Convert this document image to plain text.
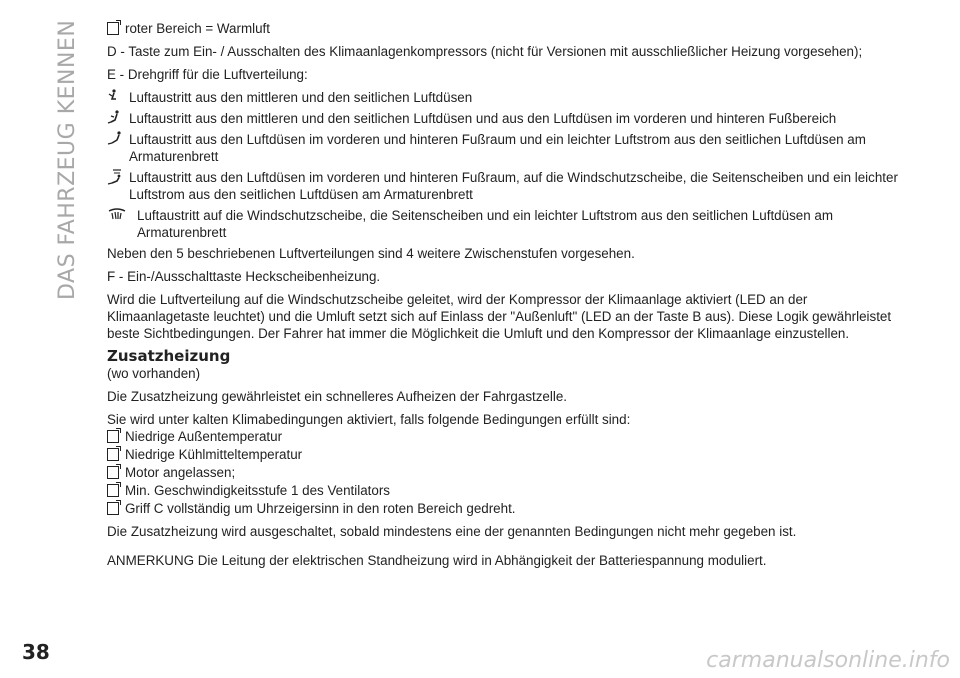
DAS FAHRZEUG KENNEN
38	carmanualsonline.info
roter Bereich = Warmluft

D - Taste zum Ein- / Ausschalten des Klimaanlagenkompressors (nicht für Versionen mit ausschließlicher Heizung vorgesehen);

E - Drehgriff für die Luftverteilung:

Luftaustritt aus den mittleren und den seitlichen Luftdüsen
Luftaustritt aus den mittleren und den seitlichen Luftdüsen und aus den Luftdüsen im vorderen und hinteren Fußbereich
Luftaustritt aus den Luftdüsen im vorderen und hinteren Fußraum und ein leichter Luftstrom aus den seitlichen Luftdüsen am Armaturenbrett
Luftaustritt aus den Luftdüsen im vorderen und hinteren Fußraum, auf die Windschutzscheibe, die Seitenscheiben und ein leichter Luftstrom aus den seitlichen Luftdüsen am Armaturenbrett
Luftaustritt auf die Windschutzscheibe, die Seitenscheiben und ein leichter Luftstrom aus den seitlichen Luftdüsen am Armaturenbrett

Neben den 5 beschriebenen Luftverteilungen sind 4 weitere Zwischenstufen vorgesehen.

F - Ein-/Ausschalttaste Heckscheibenheizung.

Wird die Luftverteilung auf die Windschutzscheibe geleitet, wird der Kompressor der Klimaanlage aktiviert (LED an der Klimaanlagetaste leuchtet) und die Umluft setzt sich auf Einlass der "Außenluft" (LED an der Taste B aus). Diese Logik gewährleistet beste Sichtbedingungen. Der Fahrer hat immer die Möglichkeit die Umluft und den Kompressor der Klimaanlage einzustellen.

Zusatzheizung
(wo vorhanden)

Die Zusatzheizung gewährleistet ein schnelleres Aufheizen der Fahrgastzelle.

Sie wird unter kalten Klimabedingungen aktiviert, falls folgende Bedingungen erfüllt sind:

Niedrige Außentemperatur
Niedrige Kühlmitteltemperatur
Motor angelassen;
Min. Geschwindigkeitsstufe 1 des Ventilators
Griff C vollständig um Uhrzeigersinn in den roten Bereich gedreht.

Die Zusatzheizung wird ausgeschaltet, sobald mindestens eine der genannten Bedingungen nicht mehr gegeben ist.

ANMERKUNG Die Leitung der elektrischen Standheizung wird in Abhängigkeit der Batteriespannung moduliert.
